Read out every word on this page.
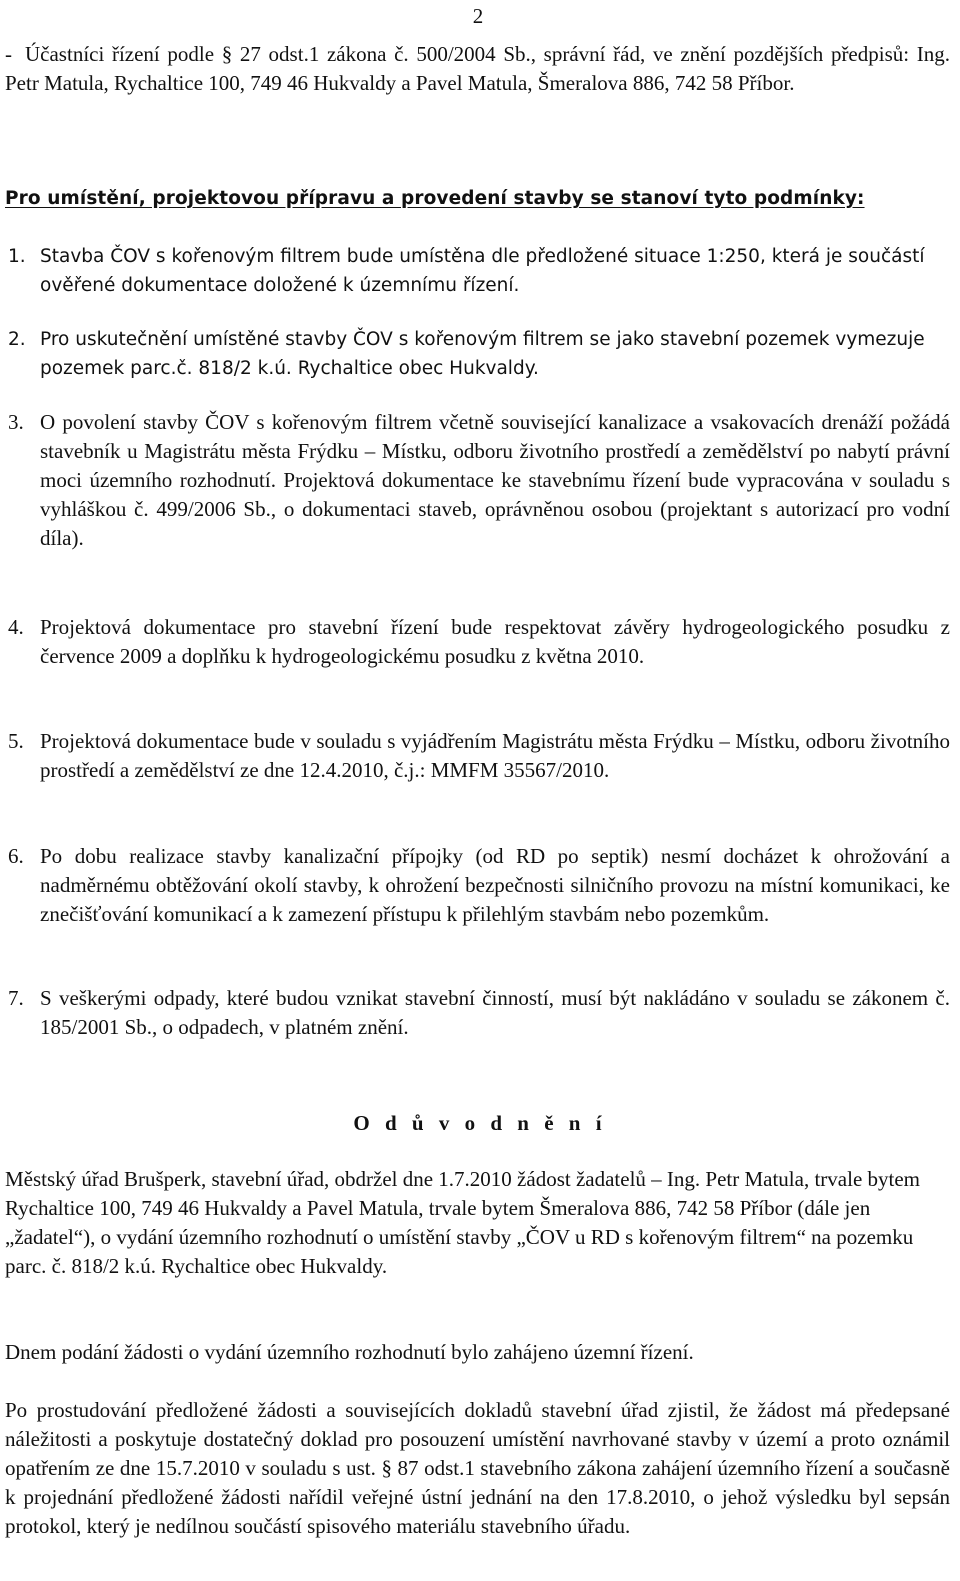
2

- Účastníci řízení podle § 27 odst.1 zákona č. 500/2004 Sb., správní řád, ve znění pozdějších předpisů: Ing. Petr Matula, Rychaltice 100, 749 46 Hukvaldy a Pavel Matula, Šmeralova 886, 742 58 Příbor.

Pro umístění, projektovou přípravu a provedení stavby se stanoví tyto podmínky:
1. Stavba ČOV s kořenovým filtrem bude umístěna dle předložené situace 1:250, která je součástí ověřené dokumentace doložené k územnímu řízení.
2. Pro uskutečnění umístěné stavby ČOV s kořenovým filtrem se jako stavební pozemek vymezuje pozemek parc.č. 818/2 k.ú. Rychaltice obec Hukvaldy.
3. O povolení stavby ČOV s kořenovým filtrem včetně související kanalizace a vsakovacích drenáží požádá stavebník u Magistrátu města Frýdku – Místku, odboru životního prostředí a zemědělství po nabytí právní moci územního rozhodnutí. Projektová dokumentace ke stavebnímu řízení bude vypracována v souladu s vyhláškou č. 499/2006 Sb., o dokumentaci staveb, oprávněnou osobou (projektant s autorizací pro vodní díla).
4. Projektová dokumentace pro stavební řízení bude respektovat závěry hydrogeologického posudku z července 2009 a doplňku k hydrogeologickému posudku z května 2010.
5. Projektová dokumentace bude v souladu s vyjádřením Magistrátu města Frýdku – Místku, odboru životního prostředí a zemědělství ze dne 12.4.2010, č.j.: MMFM 35567/2010.
6. Po dobu realizace stavby kanalizační přípojky (od RD po septik) nesmí docházet k ohrožování a nadměrnému obtěžování okolí stavby, k ohrožení bezpečnosti silničního provozu na místní komunikaci, ke znečišťování komunikací a k zamezení přístupu k přilehlým stavbám nebo pozemkům.
7. S veškerými odpady, které budou vznikat stavební činností, musí být nakládáno v souladu se zákonem č. 185/2001 Sb., o odpadech, v platném znění.
O d ů v o d n ě n í

Městský úřad Brušperk, stavební úřad, obdržel dne 1.7.2010 žádost žadatelů – Ing. Petr Matula, trvale bytem Rychaltice 100, 749 46 Hukvaldy a Pavel Matula, trvale bytem Šmeralova 886, 742 58 Příbor (dále jen „žadatel“), o vydání územního rozhodnutí o umístění stavby „ČOV u RD s kořenovým filtrem“ na pozemku parc. č. 818/2 k.ú. Rychaltice obec Hukvaldy.

Dnem podání žádosti o vydání územního rozhodnutí bylo zahájeno územní řízení.

Po prostudování předložené žádosti a souvisejících dokladů stavební úřad zjistil, že žádost má předepsané náležitosti a poskytuje dostatečný doklad pro posouzení umístění navrhované stavby v území a proto oznámil opatřením ze dne 15.7.2010 v souladu s ust. § 87 odst.1 stavebního zákona zahájení územního řízení a současně k projednání předložené žádosti nařídil veřejné ústní jednání na den 17.8.2010, o jehož výsledku byl sepsán protokol, který je nedílnou součástí spisového materiálu stavebního úřadu.
